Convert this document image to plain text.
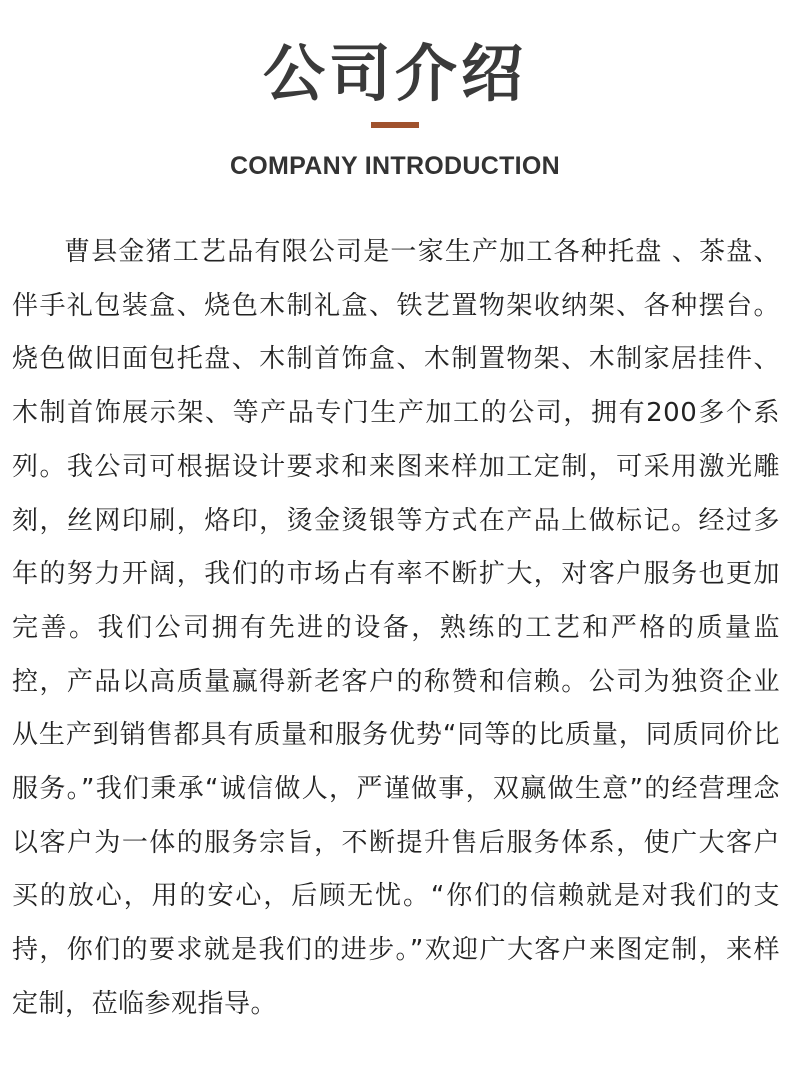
公司介绍
COMPANY INTRODUCTION

曹县金猪工艺品有限公司是一家生产加工各种托盘 、茶盘、伴手礼包装盒、烧色木制礼盒、铁艺置物架收纳架、各种摆台。烧色做旧面包托盘、木制首饰盒、木制置物架、木制家居挂件、木制首饰展示架、等产品专门生产加工的公司，拥有200多个系列。我公司可根据设计要求和来图来样加工定制，可采用激光雕刻，丝网印刷，烙印，烫金烫银等方式在产品上做标记。经过多年的努力开阔，我们的市场占有率不断扩大，对客户服务也更加完善。我们公司拥有先进的设备，熟练的工艺和严格的质量监控，产品以高质量赢得新老客户的称赞和信赖。公司为独资企业从生产到销售都具有质量和服务优势“同等的比质量，同质同价比服务。”我们秉承“诚信做人，严谨做事，双赢做生意”的经营理念以客户为一体的服务宗旨，不断提升售后服务体系，使广大客户买的放心，用的安心，后顾无忧。“你们的信赖就是对我们的支持，你们的要求就是我们的进步。”欢迎广大客户来图定制，来样定制，莅临参观指导。
